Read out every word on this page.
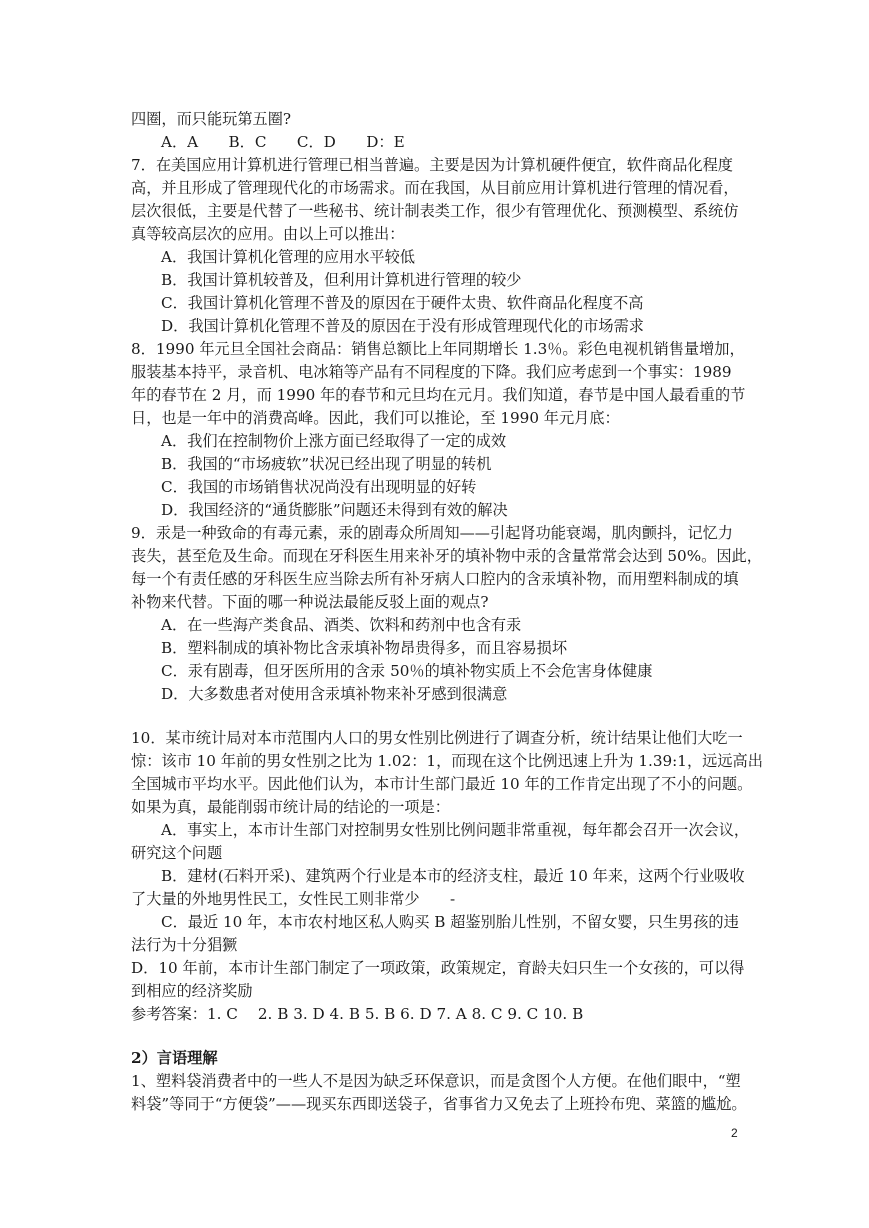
四圈，而只能玩第五圈?
A．A　　B．C　　C．D　　D：E
7．在美国应用计算机进行管理已相当普遍。主要是因为计算机硬件便宜，软件商品化程度
高，并且形成了管理现代化的市场需求。而在我国，从目前应用计算机进行管理的情况看，
层次很低，主要是代替了一些秘书、统计制表类工作，很少有管理优化、预测模型、系统仿
真等较高层次的应用。由以上可以推出：
A．我国计算机化管理的应用水平较低
B．我国计算机较普及，但利用计算机进行管理的较少
C．我国计算机化管理不普及的原因在于硬件太贵、软件商品化程度不高
D．我国计算机化管理不普及的原因在于没有形成管理现代化的市场需求
8．1990 年元旦全国社会商品：销售总额比上年同期增长 1.3％。彩色电视机销售量增加，
服装基本持平，录音机、电冰箱等产品有不同程度的下降。我们应考虑到一个事实：1989
年的春节在 2 月，而 1990 年的春节和元旦均在元月。我们知道，春节是中国人最看重的节
日，也是一年中的消费高峰。因此，我们可以推论，至 1990 年元月底：
A．我们在控制物价上涨方面已经取得了一定的成效
B．我国的“市场疲软”状况已经出现了明显的转机
C．我国的市场销售状况尚没有出现明显的好转
D．我国经济的“通货膨胀”问题还未得到有效的解决
9．汞是一种致命的有毒元素，汞的剧毒众所周知——引起肾功能衰竭，肌肉颤抖，记忆力
丧失，甚至危及生命。而现在牙科医生用来补牙的填补物中汞的含量常常会达到 50%。因此，
每一个有责任感的牙科医生应当除去所有补牙病人口腔内的含汞填补物，而用塑料制成的填
补物来代替。下面的哪一种说法最能反驳上面的观点?
A．在一些海产类食品、酒类、饮料和药剂中也含有汞
B．塑料制成的填补物比含汞填补物昂贵得多，而且容易损坏
C．汞有剧毒，但牙医所用的含汞 50％的填补物实质上不会危害身体健康
D．大多数患者对使用含汞填补物来补牙感到很满意
10．某市统计局对本市范围内人口的男女性别比例进行了调查分析，统计结果让他们大吃一
惊：该市 10 年前的男女性别之比为 1.02：1，而现在这个比例迅速上升为 1.39:1，远远高出
全国城市平均水平。因此他们认为，本市计生部门最近 10 年的工作肯定出现了不小的问题。
如果为真，最能削弱市统计局的结论的一项是：
A．事实上，本市计生部门对控制男女性别比例问题非常重视，每年都会召开一次会议，
研究这个问题
B．建材(石料开采)、建筑两个行业是本市的经济支柱，最近 10 年来，这两个行业吸收
了大量的外地男性民工，女性民工则非常少　　-
C．最近 10 年，本市农村地区私人购买 B 超鉴别胎儿性别，不留女婴，只生男孩的违
法行为十分猖獗
D．10 年前，本市计生部门制定了一项政策，政策规定，育龄夫妇只生一个女孩的，可以得
到相应的经济奖励
参考答案：1. C　 2. B 3. D 4. B 5. B 6. D 7. A 8. C 9. C 10. B
2）言语理解
1、塑料袋消费者中的一些人不是因为缺乏环保意识，而是贪图个人方便。在他们眼中，“塑
料袋”等同于“方便袋”——现买东西即送袋子，省事省力又免去了上班拎布兜、菜篮的尴尬。
2
